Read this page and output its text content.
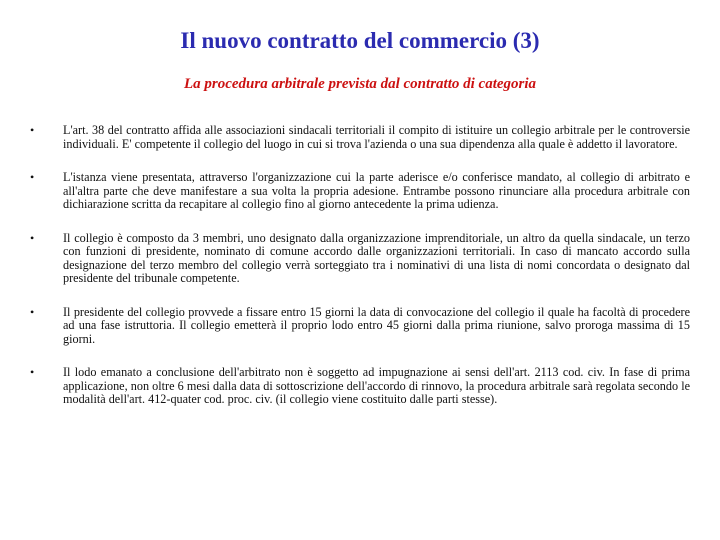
Il nuovo contratto del commercio (3)
La procedura arbitrale prevista dal contratto di categoria
• L'art. 38 del contratto affida alle associazioni sindacali territoriali il compito di istituire un collegio arbitrale per le controversie individuali. E' competente il collegio del luogo in cui si trova l'azienda o una sua dipendenza alla quale è addetto il lavoratore.
• L'istanza viene presentata, attraverso l'organizzazione cui la parte aderisce e/o conferisce mandato, al collegio di arbitrato e all'altra parte che deve manifestare a sua volta la propria adesione. Entrambe possono rinunciare alla procedura arbitrale con dichiarazione scritta da recapitare al collegio fino al giorno antecedente la prima udienza.
• Il collegio è composto da 3 membri, uno designato dalla organizzazione imprenditoriale, un altro da quella sindacale, un terzo con funzioni di presidente, nominato di comune accordo dalle organizzazioni territoriali. In caso di mancato accordo sulla designazione del terzo membro del collegio verrà sorteggiato tra i nominativi di una lista di nomi concordata o designato dal presidente del tribunale competente.
• Il presidente del collegio provvede a fissare entro 15 giorni la data di convocazione del collegio il quale ha facoltà di procedere ad una fase istruttoria. Il collegio emetterà il proprio lodo entro 45 giorni dalla prima riunione, salvo proroga massima di 15 giorni.
• Il lodo emanato a conclusione dell'arbitrato non è soggetto ad impugnazione ai sensi dell'art. 2113 cod. civ. In fase di prima applicazione, non oltre 6 mesi dalla data di sottoscrizione dell'accordo di rinnovo, la procedura arbitrale sarà regolata secondo le modalità dell'art. 412-quater cod. proc. civ. (il collegio viene costituito dalle parti stesse).
